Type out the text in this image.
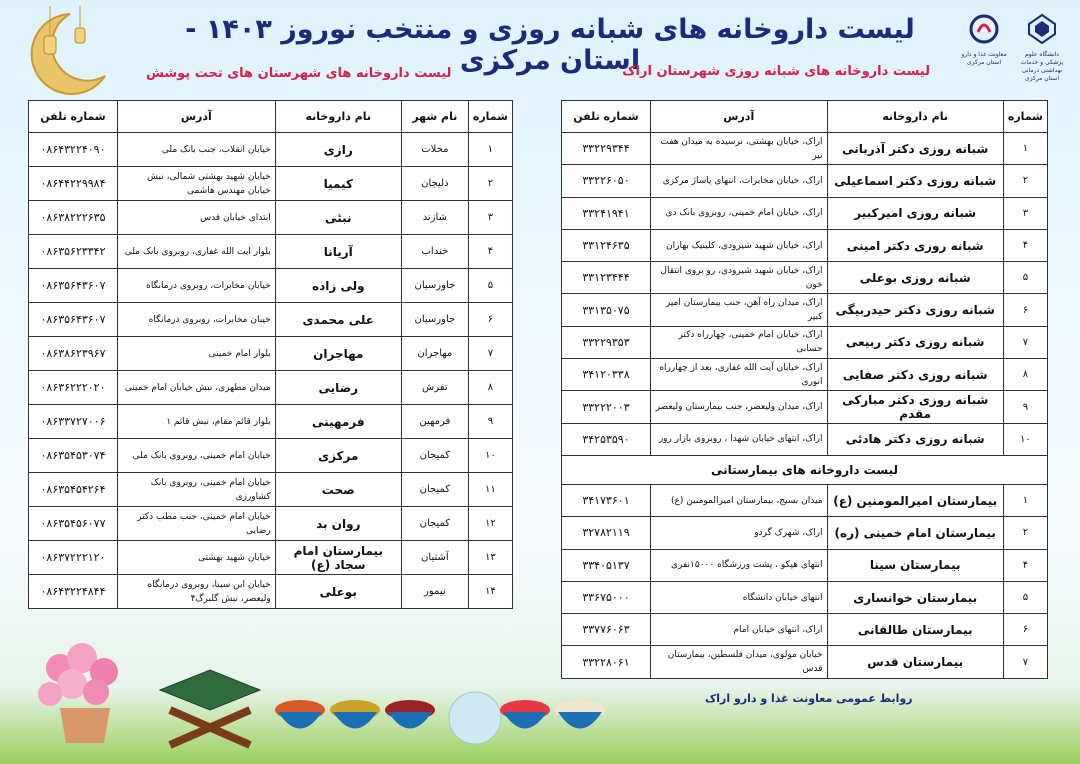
دانشگاه علوم پزشکی و خدمات بهداشتی درمانی استان مرکزی
معاونت غذا و دارو استان مرکزی
لیست داروخانه های شبانه روزی و منتخب نوروز ۱۴۰۳ - استان مرکزی
لیست داروخانه های شبانه روزی شهرستان اراک
لیست داروخانه های شهرستان های تحت پوشش
شماره	نام داروخانه	آدرس	شماره تلفن
۱	شبانه روزی دکتر آذربانی	اراک، خیابان بهشتی، نرسیده به میدان هفت تیر	۳۳۲۲۹۳۴۴
۲	شبانه روزی دکتر اسماعیلی	اراک، خیابان مخابرات، انتهای پاساژ مرکزی	۳۳۲۲۶۰۵۰
۳	شبانه روزی امیرکبیر	اراک، خیابان امام خمینی، روبروی بانک دی	۳۳۲۴۱۹۴۱
۴	شبانه روزی دکتر امینی	اراک، خیابان شهید شیرودی، کلینیک بهاران	۳۳۱۲۴۶۳۵
۵	شبانه روزی بوعلی	اراک، خیابان شهید شیرودی، رو بروی انتقال خون	۳۳۱۲۳۴۴۴
۶	شبانه روزی دکتر حیدربیگی	اراک، میدان راه آهن، جنب بیمارستان امیر کبیر	۳۳۱۳۵۰۷۵
۷	شبانه روزی دکتر ربیعی	اراک، خیابان امام خمینی، چهارراه دکتر حسابی	۳۳۲۲۹۳۵۳
۸	شبانه روزی دکتر صفایی	اراک، خیابان آیت الله غفاری، بعد از چهارراه انوری	۳۴۱۲۰۳۳۸
۹	شبانه روزی دکتر مبارکی مقدم	اراک، میدان ولیعصر، جنب بیمارستان ولیعصر	۳۳۲۲۲۰۰۳
۱۰	شبانه روزی دکتر هادئی	اراک، انتهای خیابان شهدا ، روبروی بازار روز	۳۴۲۵۳۵۹۰
لیست داروخانه های بیمارستانی			
۱	بیمارستان امیرالمومنین (ع)	میدان بسیج، بیمارستان امیرالمومنین (ع)	۳۴۱۷۳۶۰۱
۲	بیمارستان امام خمینی (ره)	اراک، شهرک گردو	۳۲۷۸۲۱۱۹
۴	بیمارستان سینا	انتهای هپکو ، پشت ورزشگاه ۱۵۰۰۰نفری	۳۳۴۰۵۱۳۷
۵	بیمارستان خوانساری	انتهای خیابان دانشگاه	۳۳۶۷۵۰۰۰
۶	بیمارستان طالقانی	اراک، انتهای خیابان امام	۳۳۷۷۶۰۶۳
۷	بیمارستان قدس	خیابان مولوی، میدان فلسطین، بیمارستان قدس	۳۳۲۲۸۰۶۱
شماره	نام شهر	نام داروخانه	آدرس	شماره تلفن
۱	محلات	رازی	خیابان انقلاب، جنب بانک ملی	۰۸۶۴۳۲۲۴۰۹۰
۲	دلیجان	کیمیا	خیابان شهید بهشتی شمالی، نبش خیابان مهندس هاشمی	۰۸۶۴۴۲۲۹۹۸۴
۳	شازند	نبئی	ابتدای خیابان قدس	۰۸۶۳۸۲۲۲۶۳۵
۴	خنداب	آریانا	بلوار ایت الله غفاری، روبروی بانک ملی	۰۸۶۳۵۶۲۳۳۴۲
۵	جاورسیان	ولی زاده	خیابان مخابرات، روبروی درمانگاه	۰۸۶۳۵۶۴۳۶۰۷
۶	جاورسیان	علی محمدی	خیبان مخابرات، روبروی درمانگاه	۰۸۶۳۵۶۴۳۶۰۷
۷	مهاجران	مهاجران	بلوار امام خمینی	۰۸۶۳۸۶۲۳۹۶۷
۸	تفرش	رضایی	میدان مطهری، نبش خیابان امام خمینی	۰۸۶۳۶۲۲۲۰۲۰
۹	فرمهین	فرمهینی	بلوار قائم مقام، نبش قائم ۱	۰۸۶۳۳۷۲۷۰۰۶
۱۰	کمیجان	مرکزی	خیابان امام خمینی، روبروی بانک ملی	۰۸۶۳۵۴۵۳۰۷۴
۱۱	کمیجان	صحت	خیابان امام خمینی، روبروی بانک کشاورزی	۰۸۶۳۵۴۵۴۲۶۴
۱۲	کمیجان	روان بد	خیابان امام خمینی، جنب مطب دکتر رضایی	۰۸۶۳۵۴۵۶۰۷۷
۱۳	آشتیان	بیمارستان امام سجاد (ع)	خیابان شهید بهشتی	۰۸۶۳۷۲۲۲۱۲۰
۱۴	نیمور	بوعلی	خیابان ابن سینا، روبروی درمانگاه ولیعصر، نبش گلبرگ۴	۰۸۶۴۳۲۲۴۸۴۴
روابط عمومی معاونت غذا و دارو اراک
